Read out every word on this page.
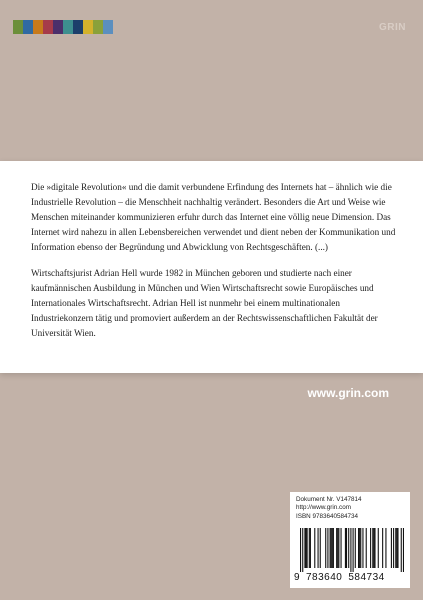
GRIN

Die »digitale Revolution« und die damit verbundene Erfindung des Internets hat – ähnlich wie die Industrielle Revolution – die Menschheit nachhaltig verändert. Besonders die Art und Weise wie Menschen miteinander kommunizieren erfuhr durch das Internet eine völlig neue Dimension. Das Internet wird nahezu in allen Lebensbereichen verwendet und dient neben der Kommunikation und Information ebenso der Begründung und Abwicklung von Rechtsgeschäften. (...)

Wirtschaftsjurist Adrian Hell wurde 1982 in München geboren und studierte nach einer kaufmännischen Ausbildung in München und Wien Wirtschaftsrecht sowie Europäisches und Internationales Wirtschaftsrecht. Adrian Hell ist nunmehr bei einem multinationalen Industriekonzern tätig und promoviert außerdem an der Rechtswissenschaftlichen Fakultät der Universität Wien.

www.grin.com
Dokument Nr. V147814
http://www.grin.com
ISBN 9783640584734
9 783640 584734
